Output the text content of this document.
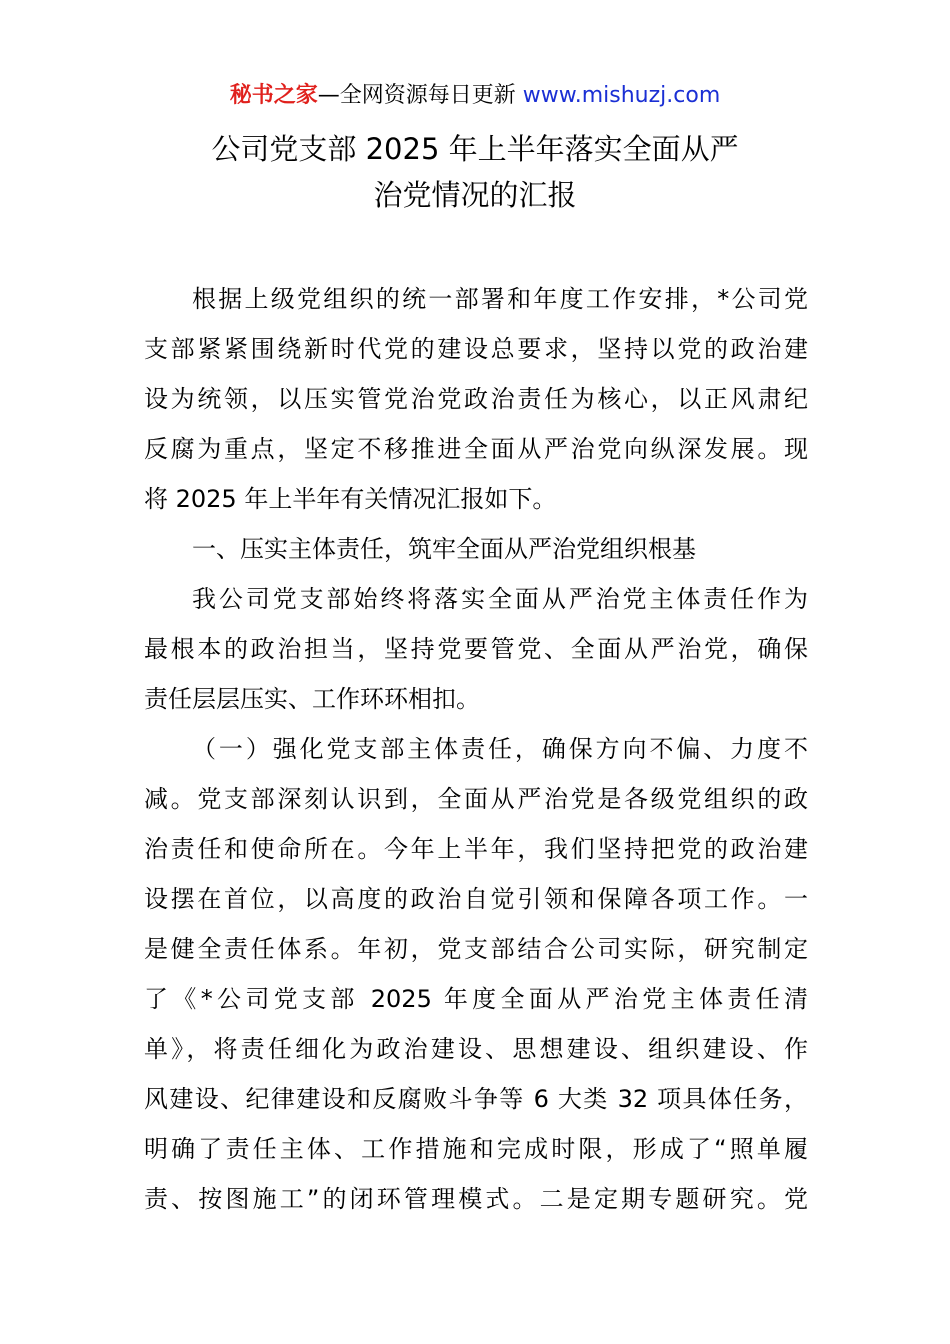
秘书之家—全网资源每日更新 www.mishuzj.com
公司党支部 2025 年上半年落实全面从严
治党情况的汇报
根据上级党组织的统一部署和年度工作安排，*公司党
支部紧紧围绕新时代党的建设总要求，坚持以党的政治建
设为统领，以压实管党治党政治责任为核心，以正风肃纪
反腐为重点，坚定不移推进全面从严治党向纵深发展。现
将 2025 年上半年有关情况汇报如下。
一、压实主体责任，筑牢全面从严治党组织根基
我公司党支部始终将落实全面从严治党主体责任作为
最根本的政治担当，坚持党要管党、全面从严治党，确保
责任层层压实、工作环环相扣。
（一）强化党支部主体责任，确保方向不偏、力度不
减。党支部深刻认识到，全面从严治党是各级党组织的政
治责任和使命所在。今年上半年，我们坚持把党的政治建
设摆在首位，以高度的政治自觉引领和保障各项工作。一
是健全责任体系。年初，党支部结合公司实际，研究制定
了《*公司党支部 2025 年度全面从严治党主体责任清
单》，将责任细化为政治建设、思想建设、组织建设、作
风建设、纪律建设和反腐败斗争等 6 大类 32 项具体任务，
明确了责任主体、工作措施和完成时限，形成了“照单履
责、按图施工”的闭环管理模式。二是定期专题研究。党
